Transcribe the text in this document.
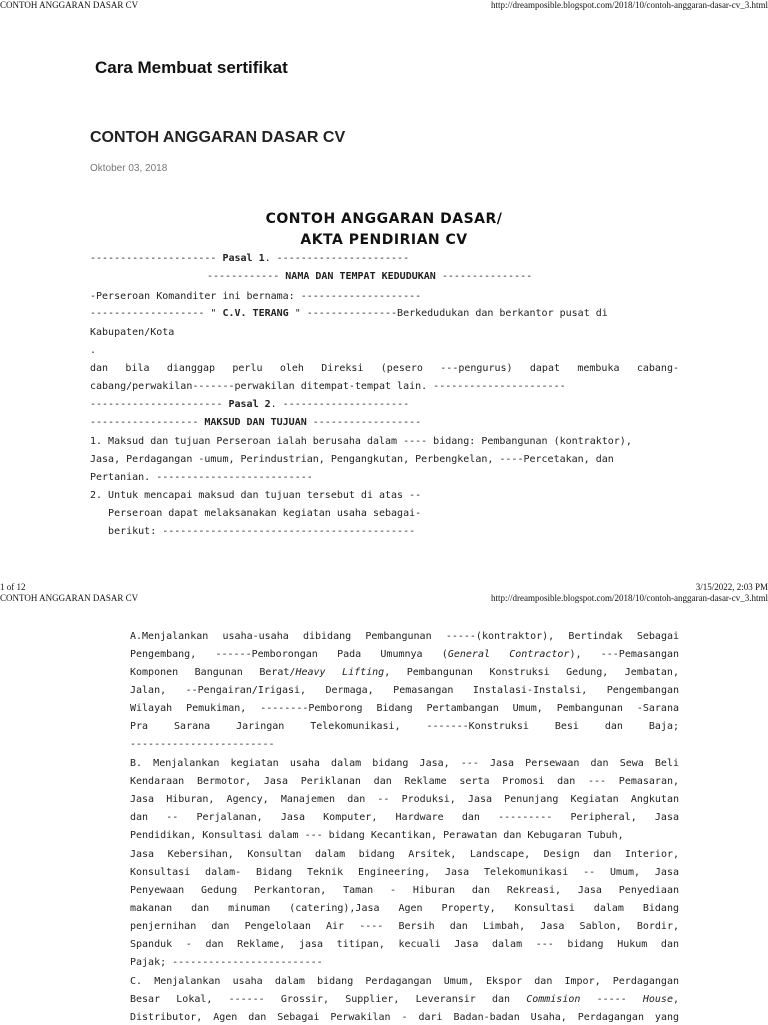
CONTOH ANGGARAN DASAR CV	http://dreamposible.blogspot.com/2018/10/contoh-anggaran-dasar-cv_3.html
Cara Membuat sertifikat
CONTOH ANGGARAN DASAR CV
Oktober 03, 2018
CONTOH ANGGARAN DASAR/
AKTA PENDIRIAN CV
--------------------- Pasal 1. ----------------------
------------ NAMA DAN TEMPAT KEDUDUKAN ---------------
-Perseroan Komanditer ini bernama: --------------------
------------------- " C.V. TERANG " ---------------Berkedudukan dan berkantor pusat di
Kabupaten/Kota
.
dan bila dianggap perlu oleh Direksi (pesero ---pengurus) dapat membuka cabang-
cabang/perwakilan-------perwakilan ditempat-tempat lain. ----------------------
---------------------- Pasal 2. ---------------------
------------------ MAKSUD DAN TUJUAN ------------------
1. Maksud dan tujuan Perseroan ialah berusaha dalam ---- bidang: Pembangunan (kontraktor),
Jasa, Perdagangan -umum, Perindustrian, Pengangkutan, Perbengkelan, ----Percetakan, dan
Pertanian. --------------------------
2. Untuk mencapai maksud dan tujuan tersebut di atas --
Perseroan dapat melaksanakan kegiatan usaha sebagai-
berikut: ------------------------------------------
1 of 12	3/15/2022, 2:03 PM
CONTOH ANGGARAN DASAR CV	http://dreamposible.blogspot.com/2018/10/contoh-anggaran-dasar-cv_3.html
A.Menjalankan usaha-usaha dibidang Pembangunan -----(kontraktor), Bertindak Sebagai
Pengembang, ------Pemborongan Pada Umumnya (General Contractor), ---Pemasangan
Komponen Bangunan Berat/Heavy Lifting, Pembangunan Konstruksi Gedung, Jembatan,
Jalan, --Pengairan/Irigasi, Dermaga, Pemasangan Instalasi-Instalsi, Pengembangan
Wilayah Pemukiman, --------Pemborong Bidang Pertambangan Umum, Pembangunan -Sarana
Pra Sarana Jaringan Telekomunikasi, -------Konstruksi Besi dan Baja;
------------------------
B. Menjalankan kegiatan usaha dalam bidang Jasa, --- Jasa Persewaan dan Sewa Beli
Kendaraan Bermotor, Jasa Periklanan dan Reklame serta Promosi dan --- Pemasaran,
Jasa Hiburan, Agency, Manajemen dan -- Produksi, Jasa Penunjang Kegiatan Angkutan
dan -- Perjalanan, Jasa Komputer, Hardware dan --------- Peripheral, Jasa
Pendidikan, Konsultasi dalam --- bidang Kecantikan, Perawatan dan Kebugaran Tubuh,
Jasa Kebersihan, Konsultan dalam bidang Arsitek, Landscape, Design dan Interior,
Konsultasi dalam- Bidang Teknik Engineering, Jasa Telekomunikasi -- Umum, Jasa
Penyewaan Gedung Perkantoran, Taman - Hiburan dan Rekreasi, Jasa Penyediaan
makanan dan minuman (catering),Jasa Agen Property, Konsultasi dalam Bidang
penjernihan dan Pengelolaan Air ---- Bersih dan Limbah, Jasa Sablon, Bordir,
Spanduk - dan Reklame, jasa titipan, kecuali Jasa dalam --- bidang Hukum dan
Pajak; -------------------------
C. Menjalankan usaha dalam bidang Perdagangan Umum, Ekspor dan Impor, Perdagangan
Besar Lokal, ------ Grossir, Supplier, Leveransir dan Commision ----- House,
Distributor, Agen dan Sebagai Perwakilan - dari Badan-badan Usaha, Perdagangan yang
